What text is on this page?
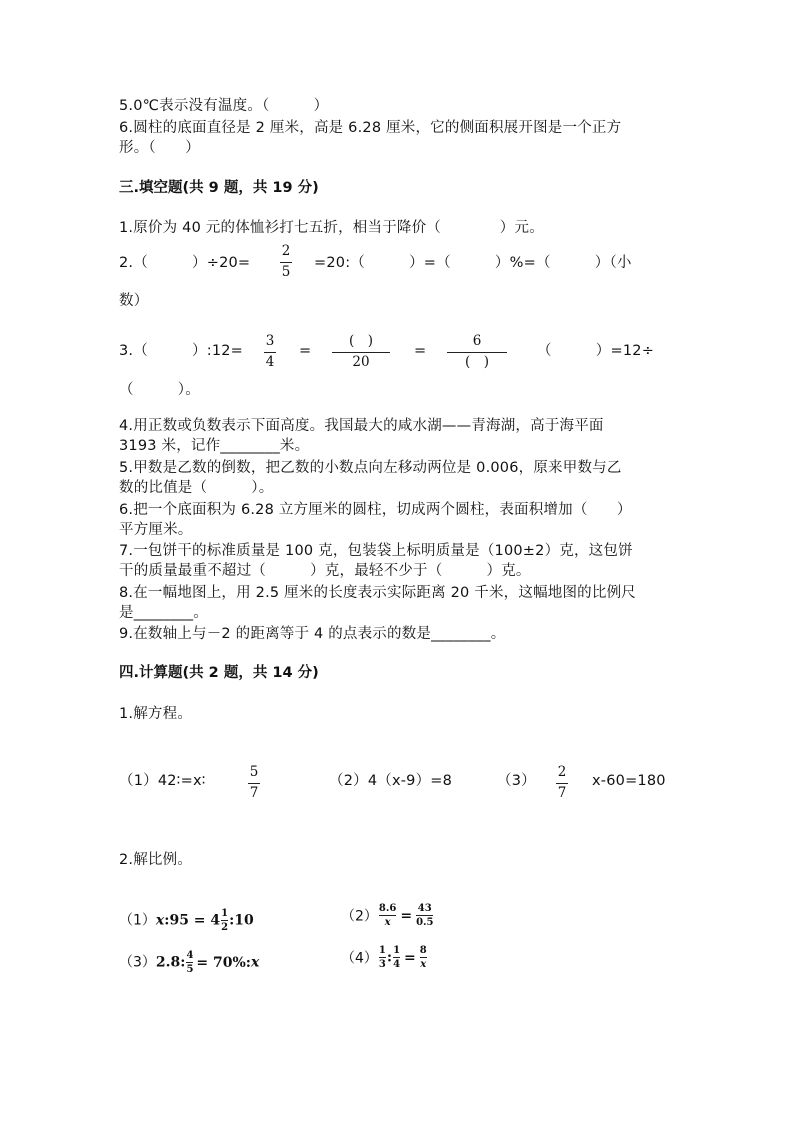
5.0℃表示没有温度。（　　　）
6.圆柱的底面直径是 2 厘米，高是 6.28 厘米，它的侧面积展开图是一个正方
形。（　　）
三.填空题(共 9 题，共 19 分)
1.原价为 40 元的体恤衫打七五折，相当于降价（　　　　）元。
2.（　　　）÷20=
2
5
=20:（　　　）=（　　　）%=（　　　）（小
数）
3.（　　　）:12=
3
4
=
(　)
20
=
6
(　)
（　　　）=12÷
（　　　）。
4.用正数或负数表示下面高度。我国最大的咸水湖——青海湖，高于海平面
3193 米，记作________米。
5.甲数是乙数的倒数，把乙数的小数点向左移动两位是 0.006，原来甲数与乙
数的比值是（　　　）。
6.把一个底面积为 6.28 立方厘米的圆柱，切成两个圆柱，表面积增加（　　）
平方厘米。
7.一包饼干的标准质量是 100 克，包装袋上标明质量是（100±2）克，这包饼
干的质量最重不超过（　　　）克，最轻不少于（　　　）克。
8.在一幅地图上，用 2.5 厘米的长度表示实际距离 20 千米，这幅地图的比例尺
是________。
9.在数轴上与－2 的距离等于 4 的点表示的数是________。
四.计算题(共 2 题，共 14 分)
1.解方程。
（1）42∶=x∶
5
7
（2）4（x-9）=8	（3）
2
7
x-60=180
2.解比例。
（1）x:95 = $4 \frac{1}{2}$ :10	$(2) \frac{8.6}{x} = \frac{43}{0.5}$
（3）2.8: $\frac{4}{5}$ = 70%:x	$(4) \frac{1}{3}$ : $\frac{1}{4} = \frac{8}{x}$
